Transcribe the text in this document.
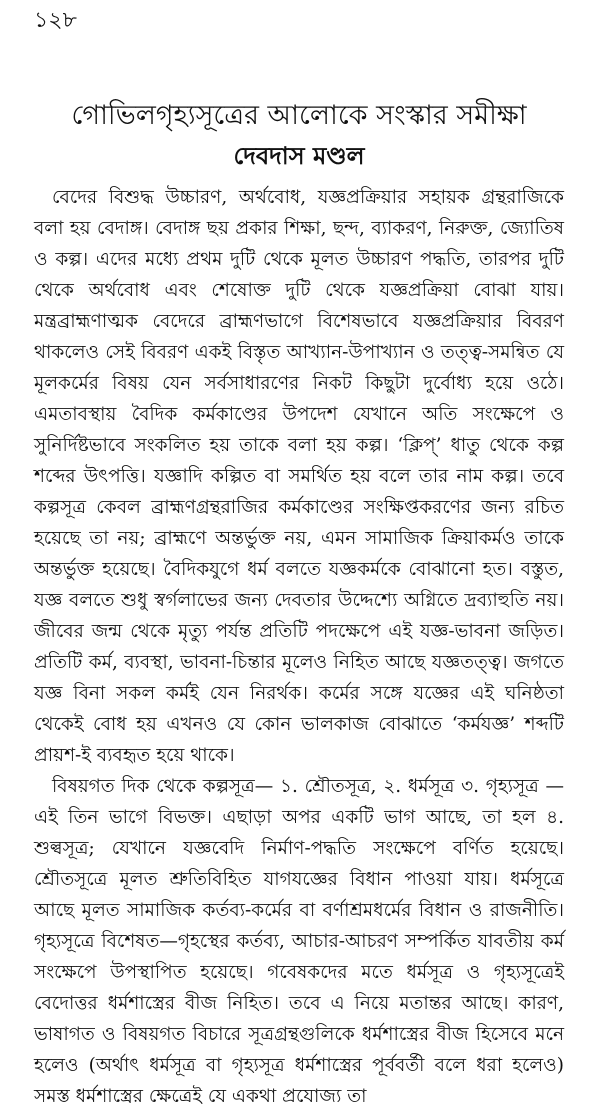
১২৮
গোভিলগৃহ্যসূত্রের আলোকে সংস্কার সমীক্ষা
দেবদাস মণ্ডল

বেদের বিশুদ্ধ উচ্চারণ, অর্থবোধ, যজ্ঞপ্রক্রিয়ার সহায়ক গ্রন্থরাজিকে বলা হয় বেদাঙ্গ। বেদাঙ্গ ছয় প্রকার শিক্ষা, ছন্দ, ব্যাকরণ, নিরুক্ত, জ্যোতিষ ও কল্প। এদের মধ্যে প্রথম দুটি থেকে মূলত উচ্চারণ পদ্ধতি, তারপর দুটি থেকে অর্থবোধ এবং শেষোক্ত দুটি থেকে যজ্ঞপ্রক্রিয়া বোঝা যায়। মন্ত্রব্রাহ্মণাত্মক বেদেরে ব্রাহ্মণভাগে বিশেষভাবে যজ্ঞপ্রক্রিয়ার বিবরণ থাকলেও সেই বিবরণ একই বিস্তৃত আখ্যান-উপাখ্যান ও তত্ত্ব-সমন্বিত যে মূলকর্মের বিষয় যেন সর্বসাধারণের নিকট কিছুটা দুর্বোধ্য হয়ে ওঠে। এমতাবস্থায় বৈদিক কর্মকাণ্ডের উপদেশ যেখানে অতি সংক্ষেপে ও সুনির্দিষ্টভাবে সংকলিত হয় তাকে বলা হয় কল্প। ‘ক্লিপ্’ ধাতু থেকে কল্প শব্দের উৎপত্তি। যজ্ঞাদি কল্পিত বা সমর্থিত হয় বলে তার নাম কল্প। তবে কল্পসূত্র কেবল ব্রাহ্মণগ্রন্থরাজির কর্মকাণ্ডের সংক্ষিপ্তকরণের জন্য রচিত হয়েছে তা নয়; ব্রাহ্মণে অন্তর্ভুক্ত নয়, এমন সামাজিক ক্রিয়াকর্মও তাকে অন্তর্ভুক্ত হয়েছে। বৈদিকযুগে ধর্ম বলতে যজ্ঞকর্মকে বোঝানো হত। বস্তুত, যজ্ঞ বলতে শুধু স্বর্গলাভের জন্য দেবতার উদ্দেশ্যে অগ্নিতে দ্রব্যাহুতি নয়। জীবের জন্ম থেকে মৃত্যু পর্যন্ত প্রতিটি পদক্ষেপে এই যজ্ঞ-ভাবনা জড়িত। প্রতিটি কর্ম, ব্যবস্থা, ভাবনা-চিন্তার মূলেও নিহিত আছে যজ্ঞতত্ত্ব। জগতে যজ্ঞ বিনা সকল কর্মই যেন নিরর্থক। কর্মের সঙ্গে যজ্ঞের এই ঘনিষ্ঠতা থেকেই বোধ হয় এখনও যে কোন ভালকাজ বোঝাতে ‘কর্মযজ্ঞ’ শব্দটি প্রায়শ-ই ব্যবহৃত হয়ে থাকে।

বিষয়গত দিক থেকে কল্পসূত্র— ১. শ্রৌতসূত্র, ২. ধর্মসূত্র ৩. গৃহ্যসূত্র —এই তিন ভাগে বিভক্ত। এছাড়া অপর একটি ভাগ আছে, তা হল ৪. শুল্বসূত্র; যেখানে যজ্ঞবেদি নির্মাণ-পদ্ধতি সংক্ষেপে বর্ণিত হয়েছে। শ্রৌতসূত্রে মূলত শ্রুতিবিহিত যাগযজ্ঞের বিধান পাওয়া যায়। ধর্মসূত্রে আছে মূলত সামাজিক কর্তব্য-কর্মের বা বর্ণাশ্রমধর্মের বিধান ও রাজনীতি। গৃহ্যসূত্রে বিশেষত—গৃহস্থের কর্তব্য, আচার-আচরণ সম্পর্কিত যাবতীয় কর্ম সংক্ষেপে উপস্থাপিত হয়েছে। গবেষকদের মতে ধর্মসূত্র ও গৃহ্যসূত্রেই বেদোত্তর ধর্মশাস্ত্রের বীজ নিহিত। তবে এ নিয়ে মতান্তর আছে। কারণ, ভাষাগত ও বিষয়গত বিচারে সূত্রগ্রন্থগুলিকে ধর্মশাস্ত্রের বীজ হিসেবে মনে হলেও (অর্থাৎ ধর্মসূত্র বা গৃহ্যসূত্র ধর্মশাস্ত্রের পূর্ববর্তী বলে ধরা হলেও) সমস্ত ধর্মশাস্ত্রের ক্ষেত্রেই যে একথা প্রযোজ্য তা
